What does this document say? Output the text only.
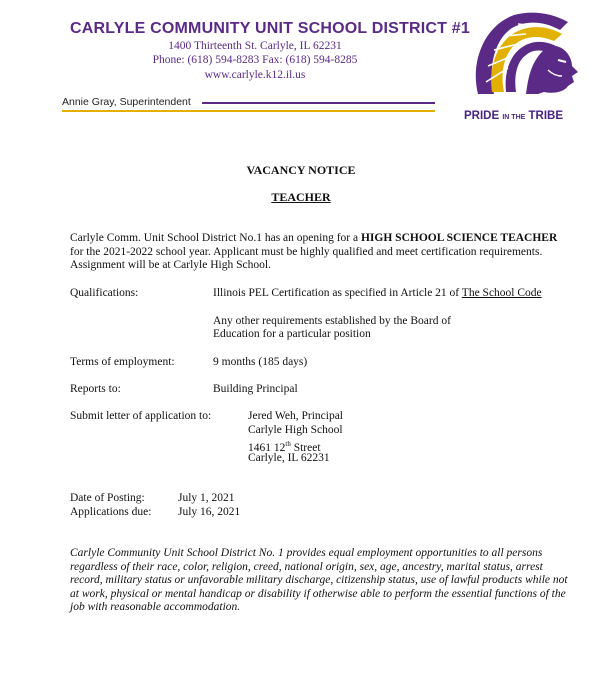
CARLYLE COMMUNITY UNIT SCHOOL DISTRICT #1
1400 Thirteenth St. Carlyle, IL 62231
Phone: (618) 594-8283 Fax: (618) 594-8285
www.carlyle.k12.il.us
Annie Gray, Superintendent
PRIDE IN THE TRIBE
VACANCY NOTICE
TEACHER
Carlyle Comm. Unit School District No.1 has an opening for a HIGH SCHOOL SCIENCE TEACHER for the 2021-2022 school year. Applicant must be highly qualified and meet certification requirements. Assignment will be at Carlyle High School.
Qualifications:	Illinois PEL Certification as specified in Article 21 of The School Code
Any other requirements established by the Board of
Education for a particular position
Terms of employment:	9 months (185 days)
Reports to:	Building Principal
Submit letter of application to:	Jered Weh, Principal
Carlyle High School
1461 12th Street
Carlyle, IL 62231
Date of Posting:	July 1, 2021
Applications due: July 16, 2021
Carlyle Community Unit School District No. 1 provides equal employment opportunities to all persons regardless of their race, color, religion, creed, national origin, sex, age, ancestry, marital status, arrest record, military status or unfavorable military discharge, citizenship status, use of lawful products while not at work, physical or mental handicap or disability if otherwise able to perform the essential functions of the job with reasonable accommodation.
